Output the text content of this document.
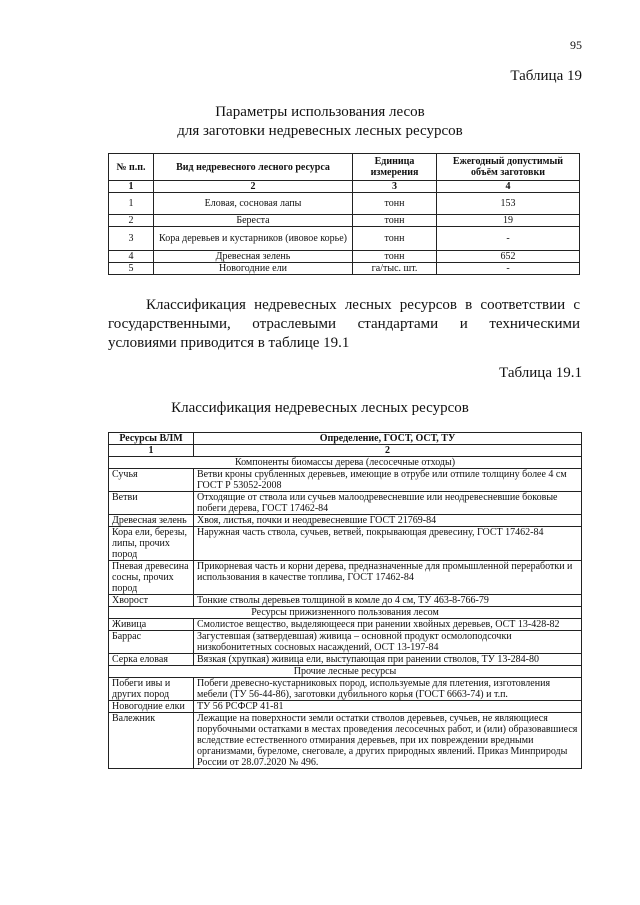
95
Таблица 19
Параметры использования лесов
для заготовки недревесных лесных ресурсов
№ п.п.	Вид недревесного лесного ресурса	Единица измерения	Ежегодный допустимый объём заготовки
1	2	3	4
1	Еловая, сосновая лапы	тонн	153
2	Береста	тонн	19
3	Кора деревьев и кустарников (ивовое корье)	тонн	-
4	Древесная зелень	тонн	652
5	Новогодние ели	га/тыс. шт.	-
Классификация недревесных лесных ресурсов в соответствии с государственными, отраслевыми стандартами и техническими условиями приводится в таблице 19.1
Таблица 19.1
Классификация недревесных лесных ресурсов
Ресурсы ВЛМ	Определение, ГОСТ, ОСТ, ТУ
1	2
Компоненты биомассы дерева (лесосечные отходы)	
Сучья	Ветви кроны срубленных деревьев, имеющие в отрубе или отпиле толщину более 4 см ГОСТ Р 53052-2008
Ветви	Отходящие от ствола или сучьев малоодревесневшие или неодревесневшие боковые побеги дерева, ГОСТ 17462-84
Древесная зелень	Хвоя, листья, почки и неодревесневшие ГОСТ 21769-84
Кора ели, березы, липы, прочих пород	Наружная часть ствола, сучьев, ветвей, покрывающая древесину, ГОСТ 17462-84
Пневая древесина сосны, прочих пород	Прикорневая часть и корни дерева, предназначенные для промышленной переработки и использования в качестве топлива, ГОСТ 17462-84
Хворост	Тонкие стволы деревьев толщиной в комле до 4 см, ТУ 463-8-766-79
Ресурсы прижизненного пользования лесом	
Живица	Смолистое вещество, выделяющееся при ранении хвойных деревьев, ОСТ 13-428-82
Баррас	Загустевшая (затвердевшая) живица – основной продукт осмолоподсочки низкобонитетных сосновых насаждений, ОСТ 13-197-84
Серка еловая	Вязкая (хрупкая) живица ели, выступающая при ранении стволов, ТУ 13-284-80
Прочие лесные ресурсы	
Побеги ивы и других пород	Побеги древесно-кустарниковых пород, используемые для плетения, изготовления мебели (ТУ 56-44-86), заготовки дубильного корья (ГОСТ 6663-74) и т.п.
Новогодние елки	ТУ 56 РСФСР 41-81
Валежник	Лежащие на поверхности земли остатки стволов деревьев, сучьев, не являющиеся порубочными остатками в местах проведения лесосечных работ, и (или) образовавшиеся вследствие естественного отмирания деревьев, при их повреждении вредными организмами, буреломе, снеговале, а других природных явлений. Приказ Минприроды России от 28.07.2020 № 496.
